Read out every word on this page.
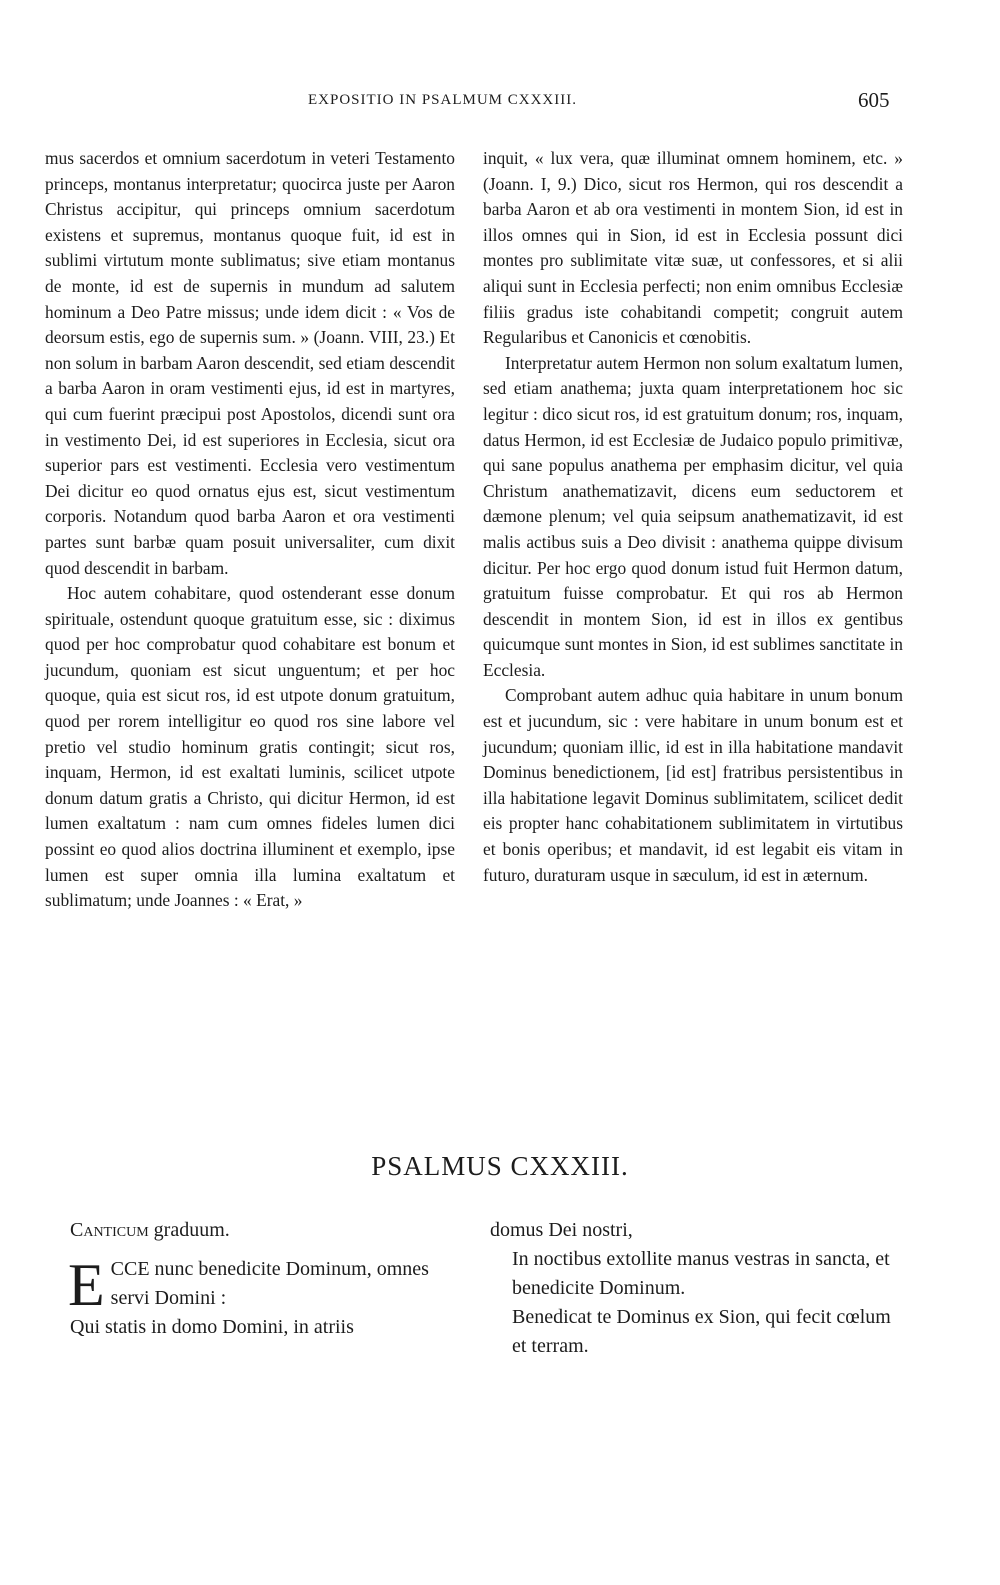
EXPOSITIO IN PSALMUM CXXXIII.	605

mus sacerdos et omnium sacerdotum in veteri Testamento princeps, montanus interpretatur; quocirca juste per Aaron Christus accipitur, qui princeps omnium sacerdotum existens et supremus, montanus quoque fuit, id est in sublimi virtutum monte sublimatus; sive etiam montanus de monte, id est de supernis in mundum ad salutem hominum a Deo Patre missus; unde idem dicit : « Vos de deorsum estis, ego de supernis sum. » (Joann. VIII, 23.) Et non solum in barbam Aaron descendit, sed etiam descendit a barba Aaron in oram vestimenti ejus, id est in martyres, qui cum fuerint præcipui post Apostolos, dicendi sunt ora in vestimento Dei, id est superiores in Ecclesia, sicut ora superior pars est vestimenti. Ecclesia vero vestimentum Dei dicitur eo quod ornatus ejus est, sicut vestimentum corporis. Notandum quod barba Aaron et ora vestimenti partes sunt barbæ quam posuit universaliter, cum dixit quod descendit in barbam.

Hoc autem cohabitare, quod ostenderant esse donum spirituale, ostendunt quoque gratuitum esse, sic : diximus quod per hoc comprobatur quod cohabitare est bonum et jucundum, quoniam est sicut unguentum; et per hoc quoque, quia est sicut ros, id est utpote donum gratuitum, quod per rorem intelligitur eo quod ros sine labore vel pretio vel studio hominum gratis contingit; sicut ros, inquam, Hermon, id est exaltati luminis, scilicet utpote donum datum gratis a Christo, qui dicitur Hermon, id est lumen exaltatum : nam cum omnes fideles lumen dici possint eo quod alios doctrina illuminent et exemplo, ipse lumen est super omnia illa lumina exaltatum et sublimatum; unde Joannes : « Erat, »

inquit, « lux vera, quæ illuminat omnem hominem, etc. » (Joann. I, 9.) Dico, sicut ros Hermon, qui ros descendit a barba Aaron et ab ora vestimenti in montem Sion, id est in illos omnes qui in Sion, id est in Ecclesia possunt dici montes pro sublimitate vitæ suæ, ut confessores, et si alii aliqui sunt in Ecclesia perfecti; non enim omnibus Ecclesiæ filiis gradus iste cohabitandi competit; congruit autem Regularibus et Canonicis et cœnobitis.

Interpretatur autem Hermon non solum exaltatum lumen, sed etiam anathema; juxta quam interpretationem hoc sic legitur : dico sicut ros, id est gratuitum donum; ros, inquam, datus Hermon, id est Ecclesiæ de Judaico populo primitivæ, qui sane populus anathema per emphasim dicitur, vel quia Christum anathematizavit, dicens eum seductorem et dæmone plenum; vel quia seipsum anathematizavit, id est malis actibus suis a Deo divisit : anathema quippe divisum dicitur. Per hoc ergo quod donum istud fuit Hermon datum, gratuitum fuisse comprobatur. Et qui ros ab Hermon descendit in montem Sion, id est in illos ex gentibus quicumque sunt montes in Sion, id est sublimes sanctitate in Ecclesia.

Comprobant autem adhuc quia habitare in unum bonum est et jucundum, sic : vere habitare in unum bonum est et jucundum; quoniam illic, id est in illa habitatione mandavit Dominus benedictionem, [id est] fratribus persistentibus in illa habitatione legavit Dominus sublimitatem, scilicet dedit eis propter hanc cohabitationem sublimitatem in virtutibus et bonis operibus; et mandavit, id est legabit eis vitam in futuro, duraturam usque in sæculum, id est in æternum.

PSALMUS CXXXIII.

Canticum graduum.

ECCE nunc benedicite Dominum, omnes servi Domini :

Qui statis in domo Domini, in atriis

domus Dei nostri,

In noctibus extollite manus vestras in sancta, et benedicite Dominum.

Benedicat te Dominus ex Sion, qui fecit cœlum et terram.
